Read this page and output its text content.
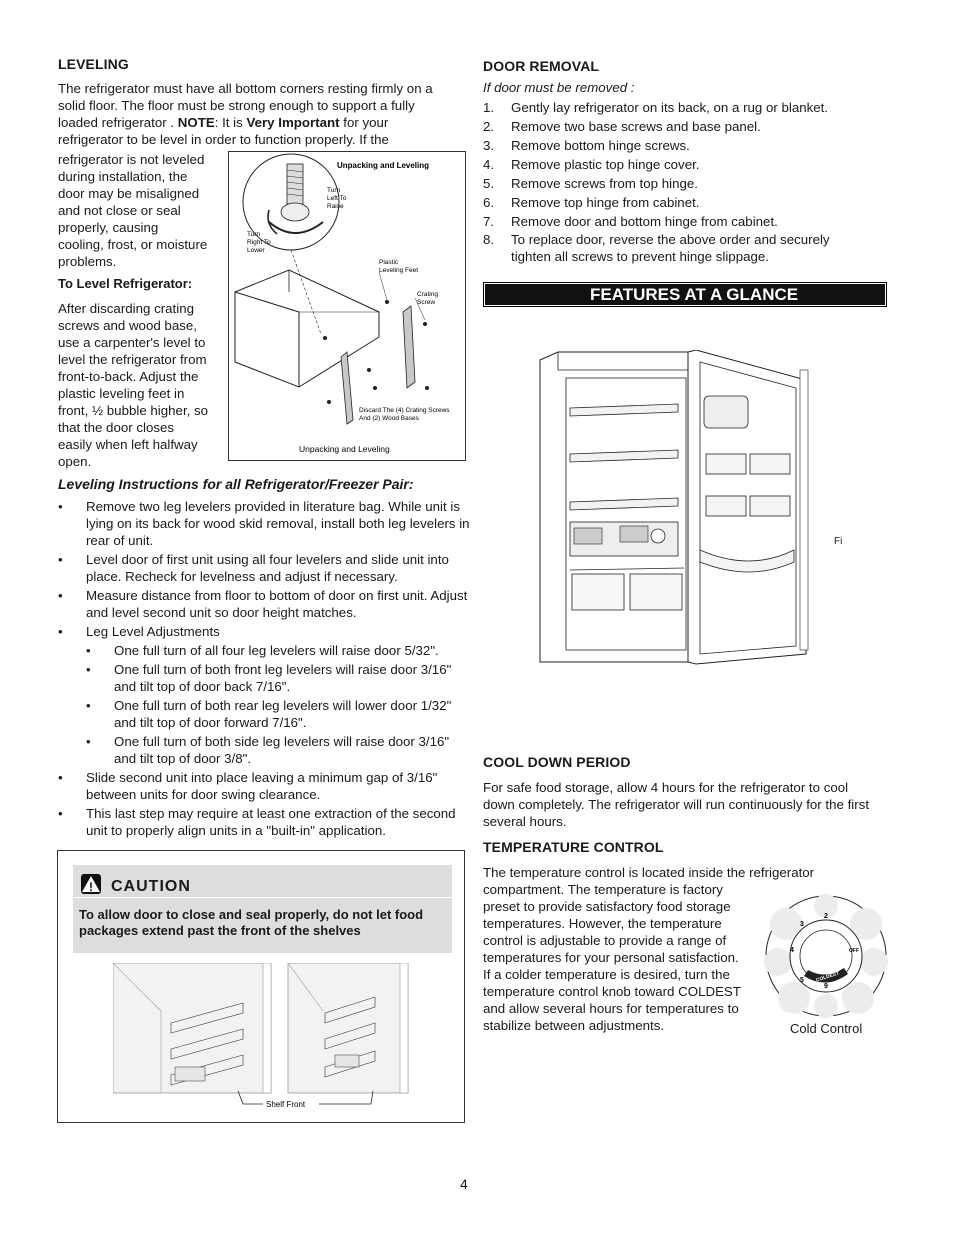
LEVELING
The refrigerator must have all bottom corners resting firmly on a
solid floor. The floor must be strong enough to support a fully
loaded refrigerator . NOTE: It is Very Important for your
refrigerator to be level in order to function properly. If the
refrigerator is not leveled
during installation, the
door may be misaligned
and not close or seal
properly, causing
cooling, frost, or moisture
problems.
To Level Refrigerator:
After discarding crating
screws and wood base,
use a carpenter's level to
level the refrigerator from
front-to-back. Adjust the
plastic leveling feet in
front, ½ bubble higher, so
that the door closes
easily when left halfway
open.
Unpacking and Leveling
Turn
Left To
Raise
Turn
Right To
Lower
Plastic
Leveling Feet
Crating
Screw
Discard The (4) Crating Screws
And (2) Wood Bases
Unpacking and Leveling
Leveling Instructions for all Refrigerator/Freezer Pair:
• Remove two leg levelers provided in literature bag. While unit is lying on its back for wood skid removal, install both leg levelers in rear of unit.
• Level door of first unit using all four levelers and slide unit into place. Recheck for levelness and adjust if necessary.
• Measure distance from floor to bottom of door on first unit. Adjust and level second unit so door height matches.
• Leg Level Adjustments
• One full turn of all four leg levelers will raise door 5/32".
• One full turn of both front leg levelers will raise door 3/16" and tilt top of door back 7/16".
• One full turn of both rear leg levelers will lower door 1/32" and tilt top of door forward 7/16".
• One full turn of both side leg levelers will raise door 3/16" and tilt top of door 3/8".
• Slide second unit into place leaving a minimum gap of 3/16" between units for door swing clearance.
• This last step may require at least one extraction of the second unit to properly align units in a "built-in" application.
! CAUTION
To allow door to close and seal properly, do not let food packages extend past the front of the shelves
Shelf Front
DOOR REMOVAL
If door must be removed :
1. Gently lay refrigerator on its back, on a rug or blanket.
2. Remove two base screws and base panel.
3. Remove bottom hinge screws.
4. Remove plastic top hinge cover.
5. Remove screws from top hinge.
6. Remove top hinge from cabinet.
7. Remove door and bottom hinge from cabinet.
8. To replace door, reverse the above order and securely tighten all screws to prevent hinge slippage.
FEATURES AT A GLANCE
Fi
COOL DOWN PERIOD
For safe food storage, allow 4 hours for the refrigerator to cool down completely. The refrigerator will run continuously for the first several hours.
TEMPERATURE CONTROL
The temperature control is located inside the refrigerator
compartment. The temperature is factory
preset to provide satisfactory food storage
temperatures. However, the temperature
control is adjustable to provide a range of
temperatures for your personal satisfaction.
If a colder temperature is desired, turn the
temperature control knob toward COLDEST
and allow several hours for temperatures to
stabilize between adjustments.
2
3
4
5
9
OFF
COLDEST
Cold Control
4
